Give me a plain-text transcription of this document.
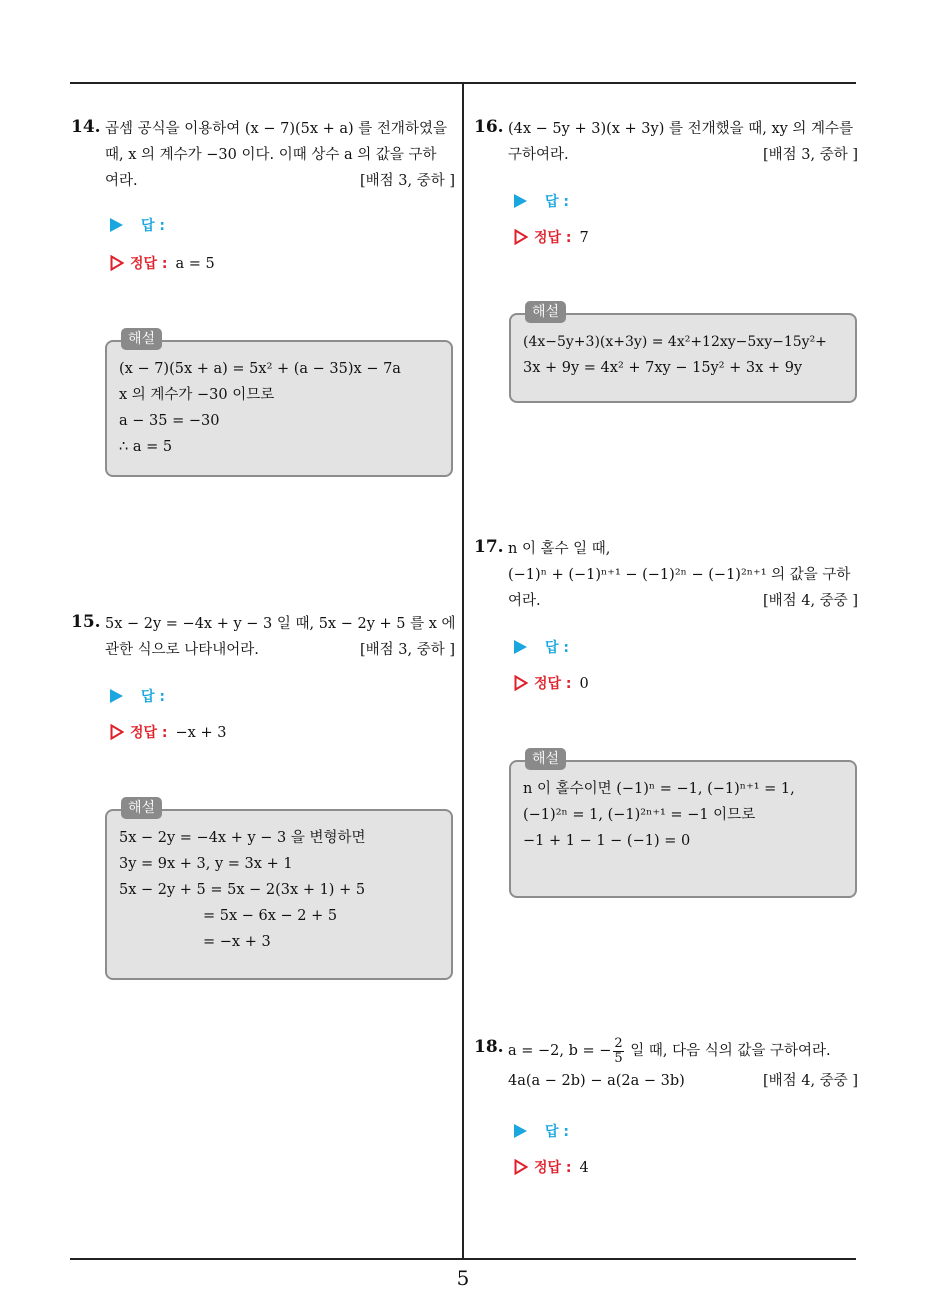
14. 곱셈 공식을 이용하여 (x − 7)(5x + a) 를 전개하였을
때, x 의 계수가 −30 이다. 이때 상수 a 의 값을 구하
여라.	[배점 3, 중하 ]
답 :
정답 : a = 5
해설
(x − 7)(5x + a) = 5x² + (a − 35)x − 7a
x 의 계수가 −30 이므로
a − 35 = −30
∴ a = 5
15. 5x − 2y = −4x + y − 3 일 때, 5x − 2y + 5 를 x 에
관한 식으로 나타내어라.	[배점 3, 중하 ]
답 :
정답 : −x + 3
해설
5x − 2y = −4x + y − 3 을 변형하면
3y = 9x + 3, y = 3x + 1
5x − 2y + 5 = 5x − 2(3x + 1) + 5
= 5x − 6x − 2 + 5
= −x + 3
16. (4x − 5y + 3)(x + 3y) 를 전개했을 때, xy 의 계수를
구하여라.	[배점 3, 중하 ]
답 :
정답 : 7
해설
(4x−5y+3)(x+3y) = 4x²+12xy−5xy−15y²+
3x + 9y = 4x² + 7xy − 15y² + 3x + 9y
17. n 이 홀수 일 때,
(−1)ⁿ + (−1)ⁿ⁺¹ − (−1)²ⁿ − (−1)²ⁿ⁺¹ 의 값을 구하
여라.	[배점 4, 중중 ]
답 :
정답 : 0
해설
n 이 홀수이면 (−1)ⁿ = −1, (−1)ⁿ⁺¹ = 1,
(−1)²ⁿ = 1, (−1)²ⁿ⁺¹ = −1 이므로
−1 + 1 − 1 − (−1) = 0
18. a = −2, b = − $\frac{2}{5}$ 일 때, 다음 식의 값을 구하여라.
4a(a − 2b) − a(2a − 3b)	[배점 4, 중중 ]
답 :
정답 : 4
5
